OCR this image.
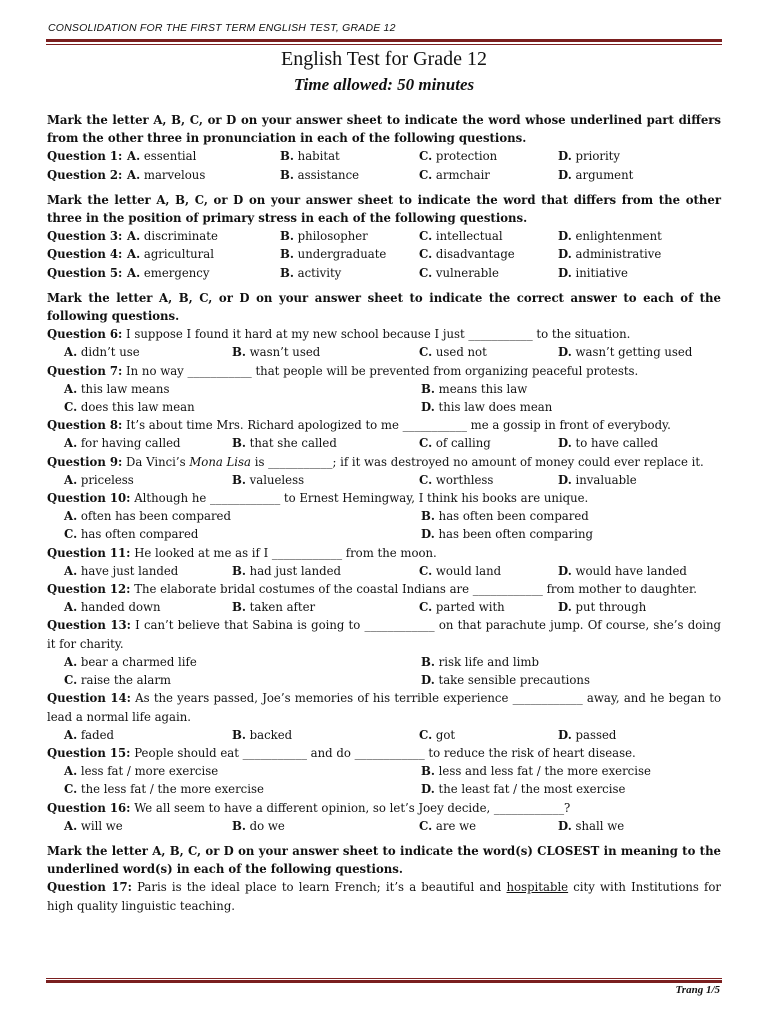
CONSOLIDATION FOR THE FIRST TERM ENGLISH TEST, GRADE 12
English Test for Grade 12
Time allowed: 50 minutes
Mark the letter A, B, C, or D on your answer sheet to indicate the word whose underlined part differs from the other three in pronunciation in each of the following questions.
Question 1: A. essential	B. habitat	C. protection	D. priority
Question 2: A. marvelous	B. assistance	C. armchair	D. argument
Mark the letter A, B, C, or D on your answer sheet to indicate the word that differs from the other three in the position of primary stress in each of the following questions.
Question 3: A. discriminate	B. philosopher	C. intellectual	D. enlightenment
Question 4: A. agricultural	B. undergraduate	C. disadvantage	D. administrative
Question 5: A. emergency	B. activity	C. vulnerable	D. initiative
Mark the letter A, B, C, or D on your answer sheet to indicate the correct answer to each of the following questions.
Question 6: I suppose I found it hard at my new school because I just ___________ to the situation.
A. didn’t use	B. wasn’t used	C. used not	D. wasn’t getting used
Question 7: In no way ___________ that people will be prevented from organizing peaceful protests.
A. this law means	B. means this law
C. does this law mean	D. this law does mean
Question 8: It’s about time Mrs. Richard apologized to me ___________ me a gossip in front of everybody.
A. for having called	B. that she called	C. of calling	D. to have called
Question 9: Da Vinci’s Mona Lisa is ___________; if it was destroyed no amount of money could ever replace it.
A. priceless	B. valueless	C. worthless	D. invaluable
Question 10: Although he ____________ to Ernest Hemingway, I think his books are unique.
A. often has been compared	B. has often been compared
C. has often compared	D. has been often comparing
Question 11: He looked at me as if I ____________ from the moon.
A. have just landed	B. had just landed	C. would land	D. would have landed
Question 12: The elaborate bridal costumes of the coastal Indians are ____________ from mother to daughter.
A. handed down	B. taken after	C. parted with	D. put through
Question 13: I can’t believe that Sabina is going to ____________ on that parachute jump. Of course, she’s doing it for charity.
A. bear a charmed life	B. risk life and limb
C. raise the alarm	D. take sensible precautions
Question 14: As the years passed, Joe’s memories of his terrible experience ____________ away, and he began to lead a normal life again.
A. faded	B. backed	C. got	D. passed
Question 15: People should eat ___________ and do ____________ to reduce the risk of heart disease.
A. less fat / more exercise	B. less and less fat / the more exercise
C. the less fat / the more exercise	D. the least fat / the most exercise
Question 16: We all seem to have a different opinion, so let’s Joey decide, ____________?
A. will we	B. do we	C. are we	D. shall we
Mark the letter A, B, C, or D on your answer sheet to indicate the word(s) CLOSEST in meaning to the underlined word(s) in each of the following questions.
Question 17: Paris is the ideal place to learn French; it’s a beautiful and hospitable city with Institutions for high quality linguistic teaching.
Trang 1/5
